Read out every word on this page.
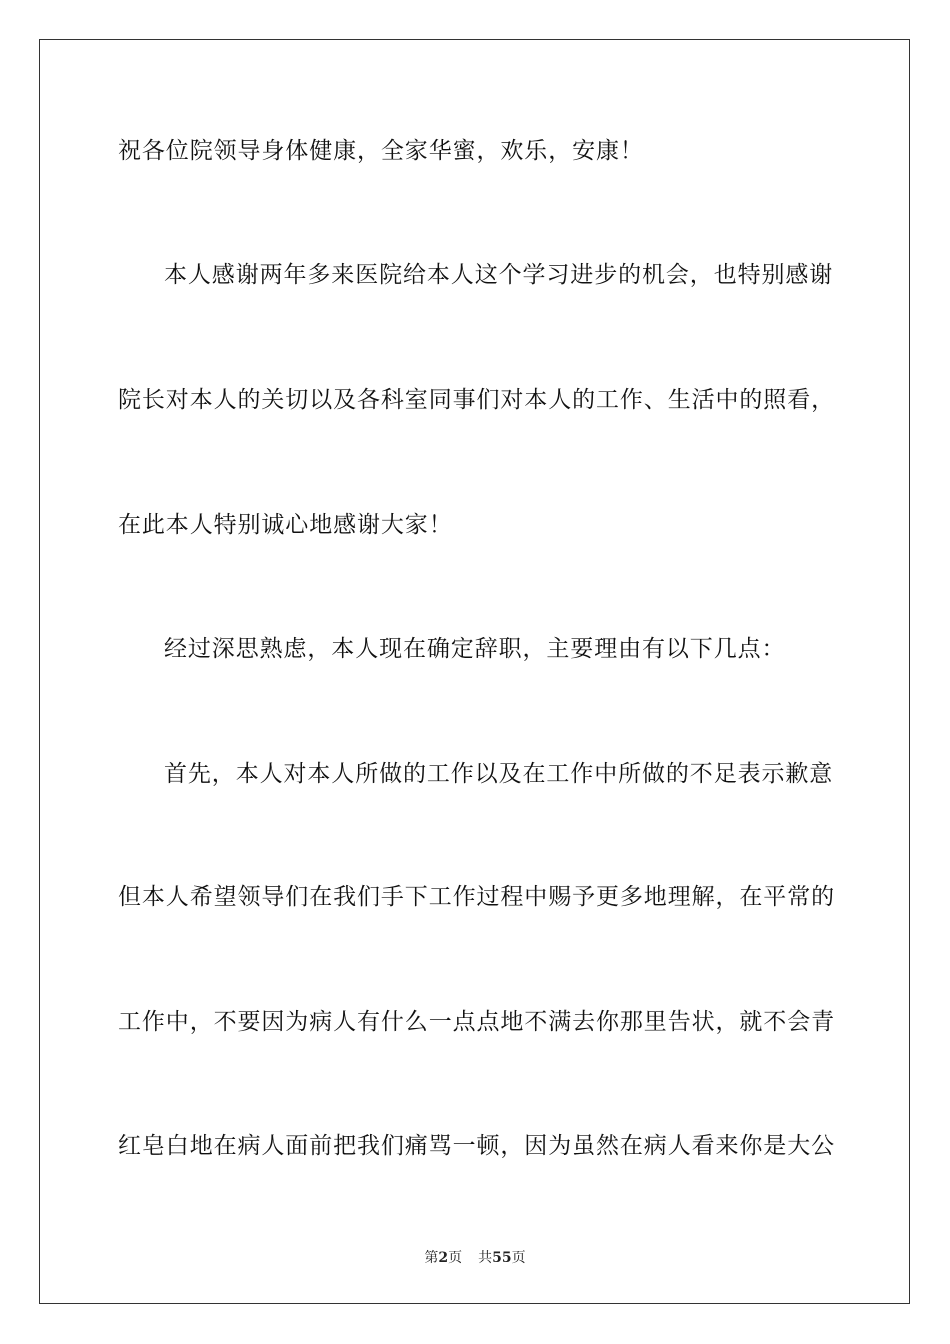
祝各位院领导身体健康，全家华蜜，欢乐，安康！
本人感谢两年多来医院给本人这个学习进步的机会，也特别感谢
院长对本人的关切以及各科室同事们对本人的工作、生活中的照看，
在此本人特别诚心地感谢大家！
经过深思熟虑，本人现在确定辞职，主要理由有以下几点：
首先，本人对本人所做的工作以及在工作中所做的不足表示歉意
但本人希望领导们在我们手下工作过程中赐予更多地理解，在平常的
工作中，不要因为病人有什么一点点地不满去你那里告状，就不会青
红皂白地在病人面前把我们痛骂一顿，因为虽然在病人看来你是大公
第2页 共55页
